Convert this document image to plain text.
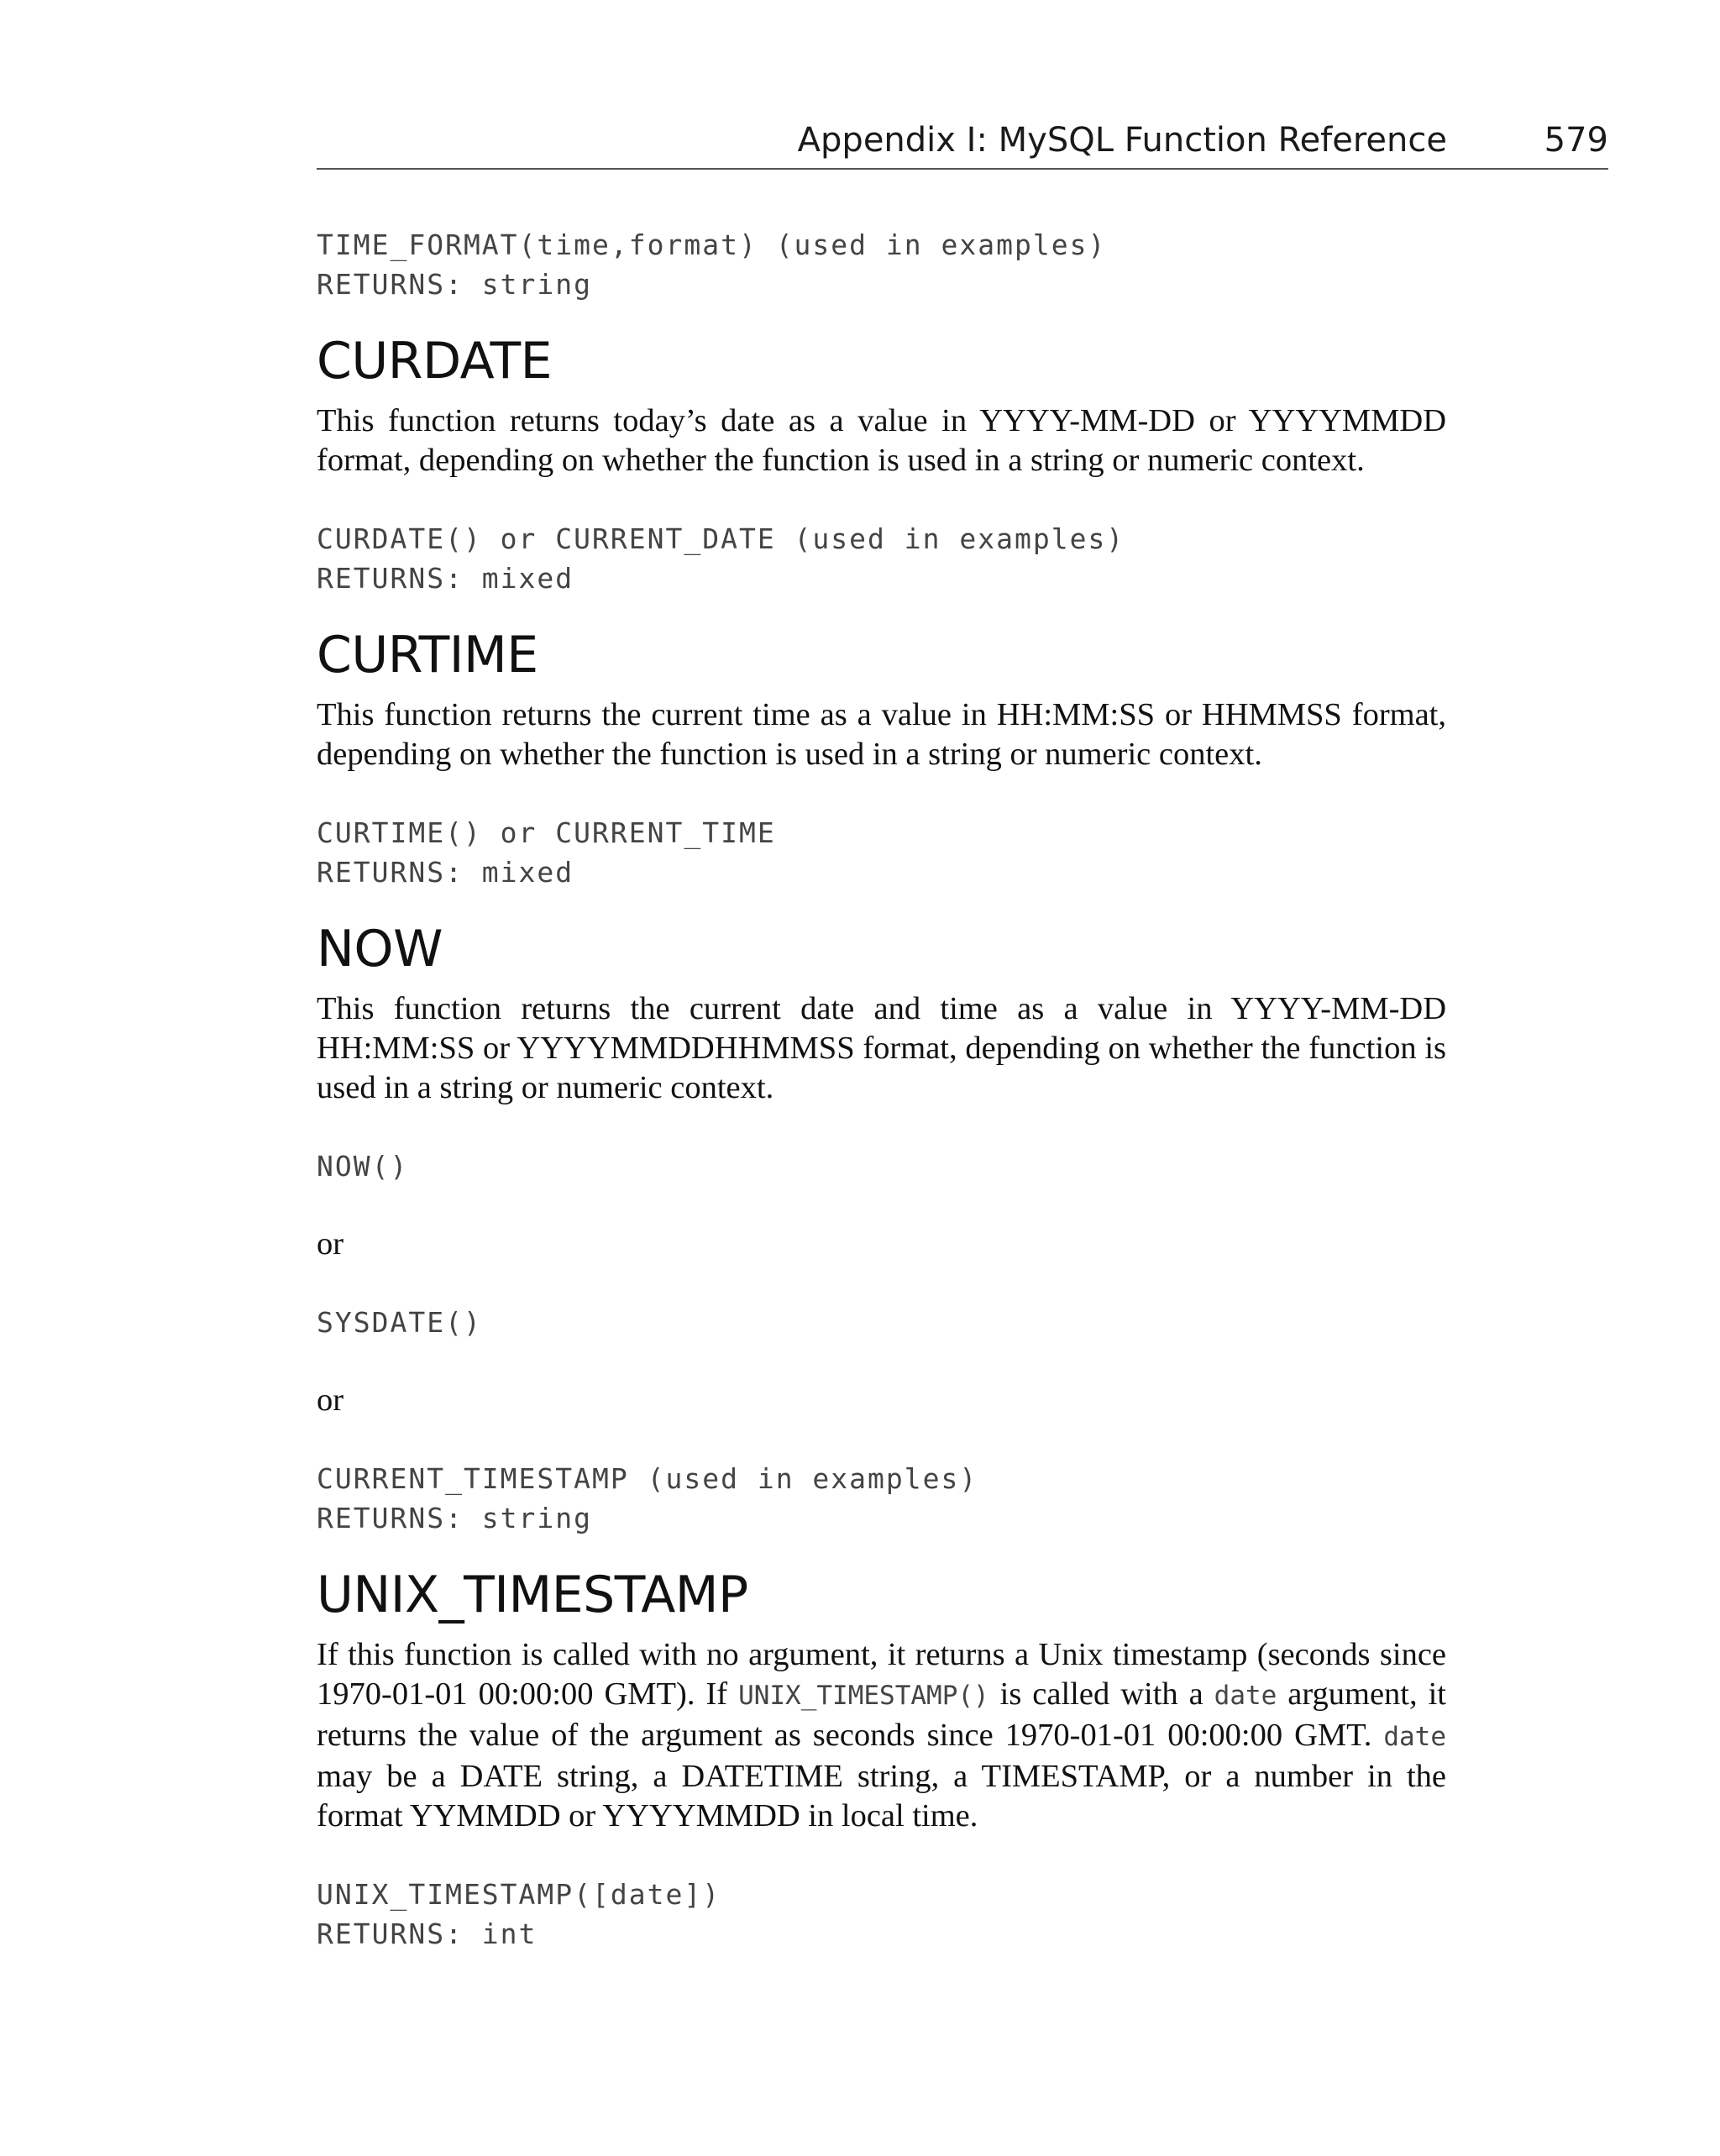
Appendix I: MySQL Function Reference	579

TIME_FORMAT(time,format) (used in examples)

RETURNS: string

CURDATE

This function returns today’s date as a value in YYYY-MM-DD or YYYYMMDD format, depending on whether the function is used in a string or numeric context.

CURDATE() or CURRENT_DATE (used in examples)

RETURNS: mixed

CURTIME

This function returns the current time as a value in HH:MM:SS or HHMMSS format, depending on whether the function is used in a string or numeric context.

CURTIME() or CURRENT_TIME

RETURNS: mixed

NOW

This function returns the current date and time as a value in YYYY-MM-DD HH:MM:SS or YYYYMMDDHHMMSS format, depending on whether the function is used in a string or numeric context.

NOW()

or

SYSDATE()

or

CURRENT_TIMESTAMP (used in examples)

RETURNS: string

UNIX_TIMESTAMP

If this function is called with no argument, it returns a Unix timestamp (seconds since 1970-01-01 00:00:00 GMT). If UNIX_TIMESTAMP() is called with a date argument, it returns the value of the argument as seconds since 1970-01-01 00:00:00 GMT. date may be a DATE string, a DATETIME string, a TIMESTAMP, or a number in the format YYMMDD or YYYYMMDD in local time.

UNIX_TIMESTAMP([date])

RETURNS: int
